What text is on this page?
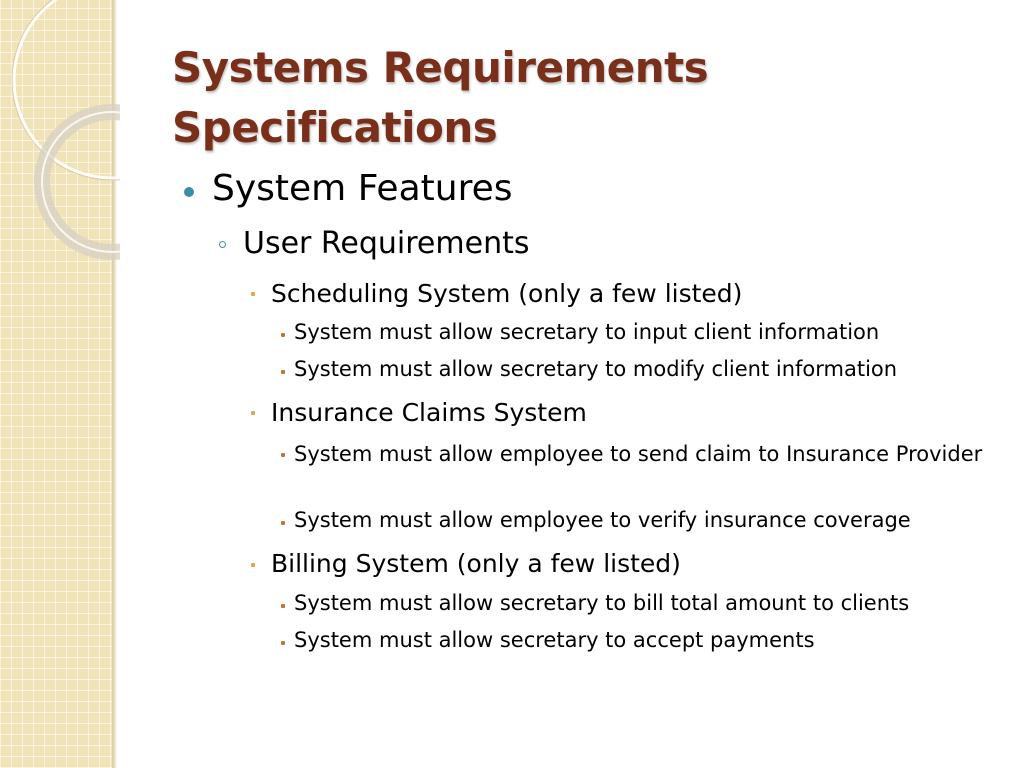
Systems Requirements
Specifications
System Features
User Requirements
Scheduling System (only a few listed)
System must allow secretary to input client information
System must allow secretary to modify client information
Insurance Claims System
System must allow employee to send claim to Insurance Provider
System must allow employee to verify insurance coverage
Billing System (only a few listed)
System must allow secretary to bill total amount to clients
System must allow secretary to accept payments
